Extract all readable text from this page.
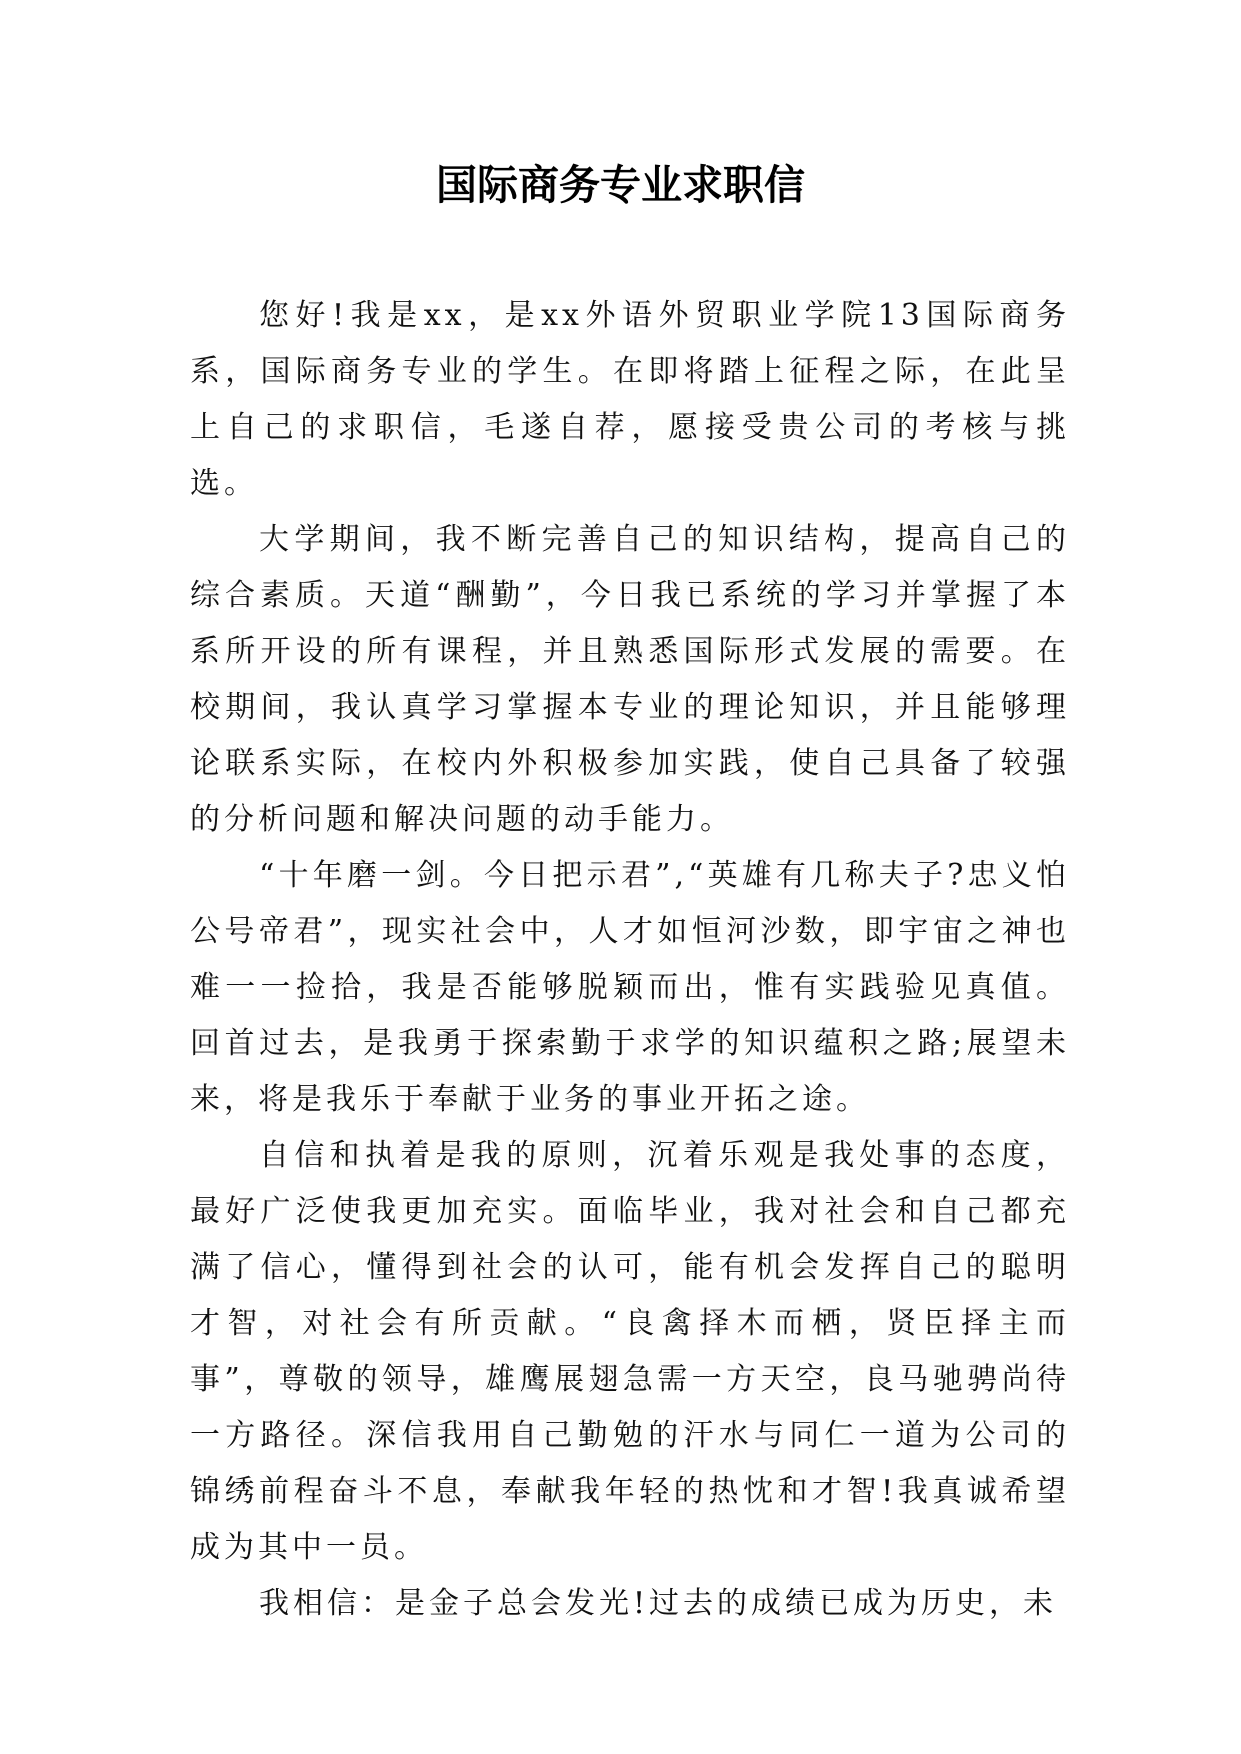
国际商务专业求职信

您好!我是xx，是xx外语外贸职业学院13国际商务系，国际商务专业的学生。在即将踏上征程之际，在此呈上自己的求职信，毛遂自荐，愿接受贵公司的考核与挑选。

大学期间，我不断完善自己的知识结构，提高自己的综合素质。天道“酬勤”，今日我已系统的学习并掌握了本系所开设的所有课程，并且熟悉国际形式发展的需要。在校期间，我认真学习掌握本专业的理论知识，并且能够理论联系实际，在校内外积极参加实践，使自己具备了较强的分析问题和解决问题的动手能力。

“十年磨一剑。今日把示君”,“英雄有几称夫子?忠义怕公号帝君”，现实社会中，人才如恒河沙数，即宇宙之神也难一一捡拾，我是否能够脱颖而出，惟有实践验见真值。回首过去，是我勇于探索勤于求学的知识蕴积之路;展望未来，将是我乐于奉献于业务的事业开拓之途。

自信和执着是我的原则，沉着乐观是我处事的态度，最好广泛使我更加充实。面临毕业，我对社会和自己都充满了信心，懂得到社会的认可，能有机会发挥自己的聪明才智，对社会有所贡献。“良禽择木而栖，贤臣择主而事”，尊敬的领导，雄鹰展翅急需一方天空，良马驰骋尚待一方路径。深信我用自己勤勉的汗水与同仁一道为公司的锦绣前程奋斗不息，奉献我年轻的热忱和才智!我真诚希望成为其中一员。

我相信：是金子总会发光!过去的成绩已成为历史，未
